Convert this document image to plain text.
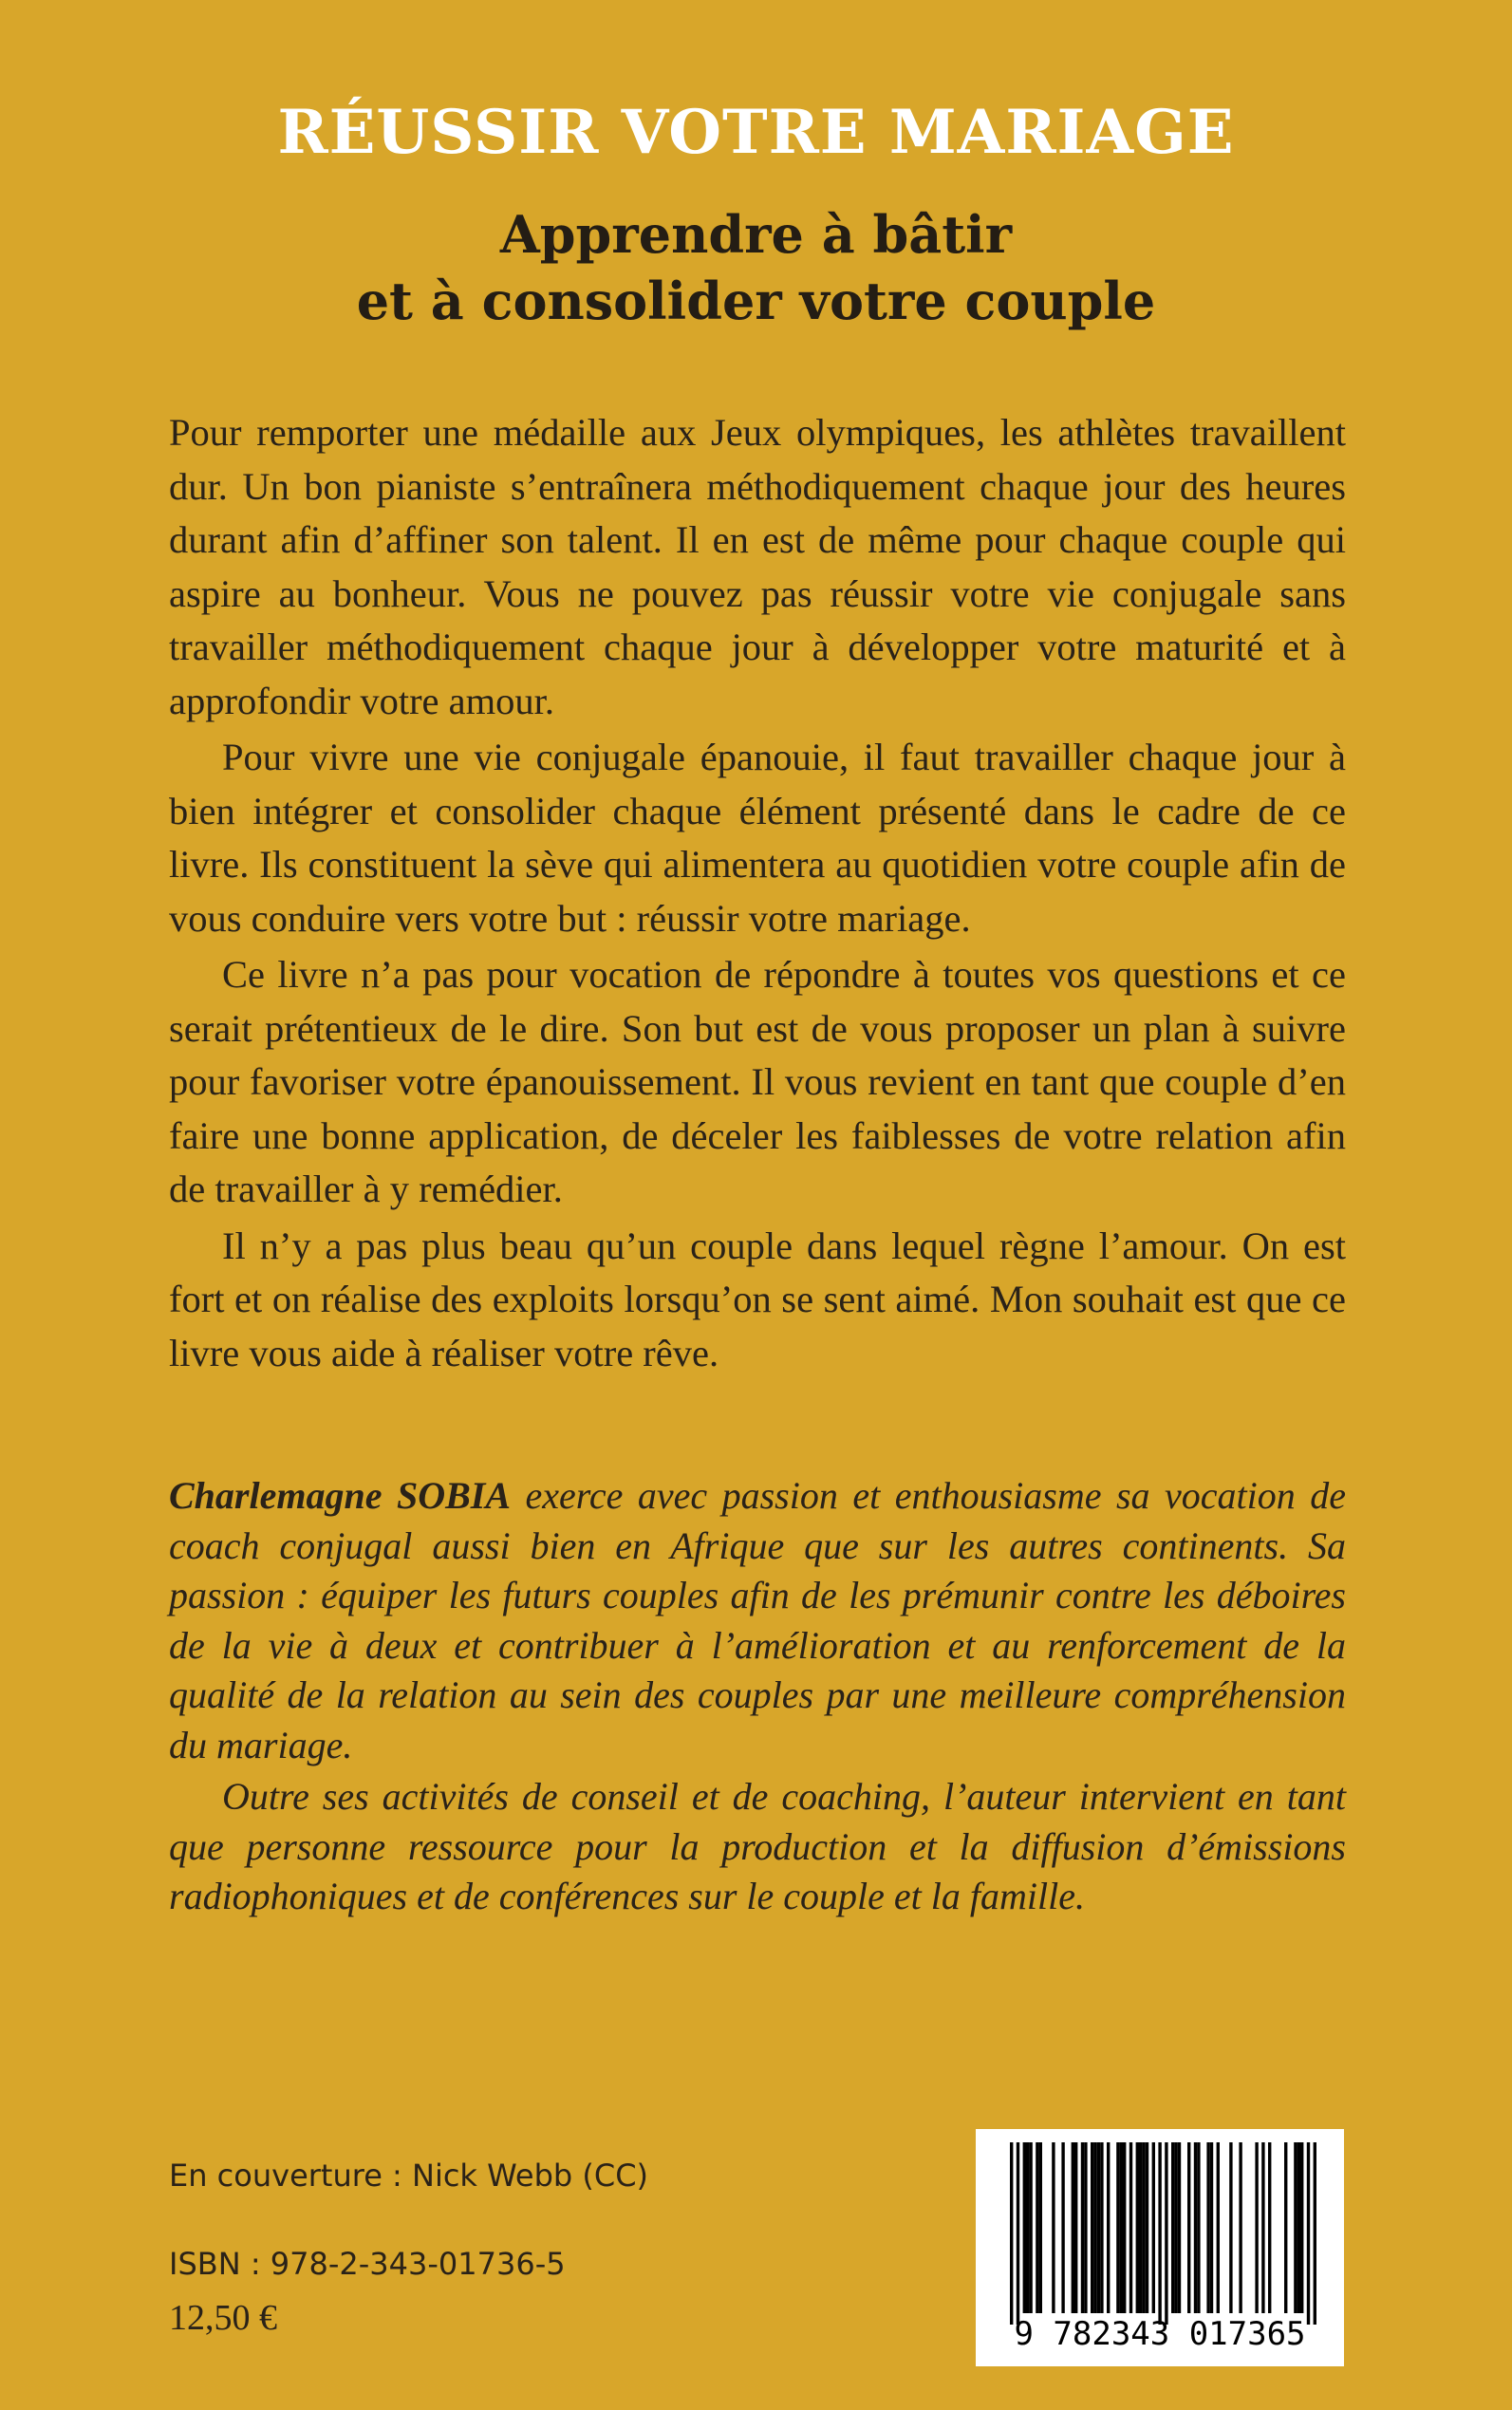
RÉUSSIR VOTRE MARIAGE
Apprendre à bâtir
et à consolider votre couple

Pour remporter une médaille aux Jeux olympiques, les athlètes travaillent dur. Un bon pianiste s’entraînera méthodiquement chaque jour des heures durant afin d’affiner son talent. Il en est de même pour chaque couple qui aspire au bonheur. Vous ne pouvez pas réussir votre vie conjugale sans travailler méthodiquement chaque jour à développer votre maturité et à approfondir votre amour.

Pour vivre une vie conjugale épanouie, il faut travailler chaque jour à bien intégrer et consolider chaque élément présenté dans le cadre de ce livre. Ils constituent la sève qui alimentera au quotidien votre couple afin de vous conduire vers votre but : réussir votre mariage.

Ce livre n’a pas pour vocation de répondre à toutes vos questions et ce serait prétentieux de le dire. Son but est de vous proposer un plan à suivre pour favoriser votre épanouissement. Il vous revient en tant que couple d’en faire une bonne application, de déceler les faiblesses de votre relation afin de travailler à y remédier.

Il n’y a pas plus beau qu’un couple dans lequel règne l’amour. On est fort et on réalise des exploits lorsqu’on se sent aimé. Mon souhait est que ce livre vous aide à réaliser votre rêve.

Charlemagne SOBIA exerce avec passion et enthousiasme sa vocation de coach conjugal aussi bien en Afrique que sur les autres continents. Sa passion : équiper les futurs couples afin de les prémunir contre les déboires de la vie à deux et contribuer à l’amélioration et au renforcement de la qualité de la relation au sein des couples par une meilleure compréhension du mariage.

Outre ses activités de conseil et de coaching, l’auteur intervient en tant que personne ressource pour la production et la diffusion d’émissions radiophoniques et de conférences sur le couple et la famille.

En couverture : Nick Webb (CC)
ISBN : 978-2-343-01736-5
12,50 €	9 782343 017365
